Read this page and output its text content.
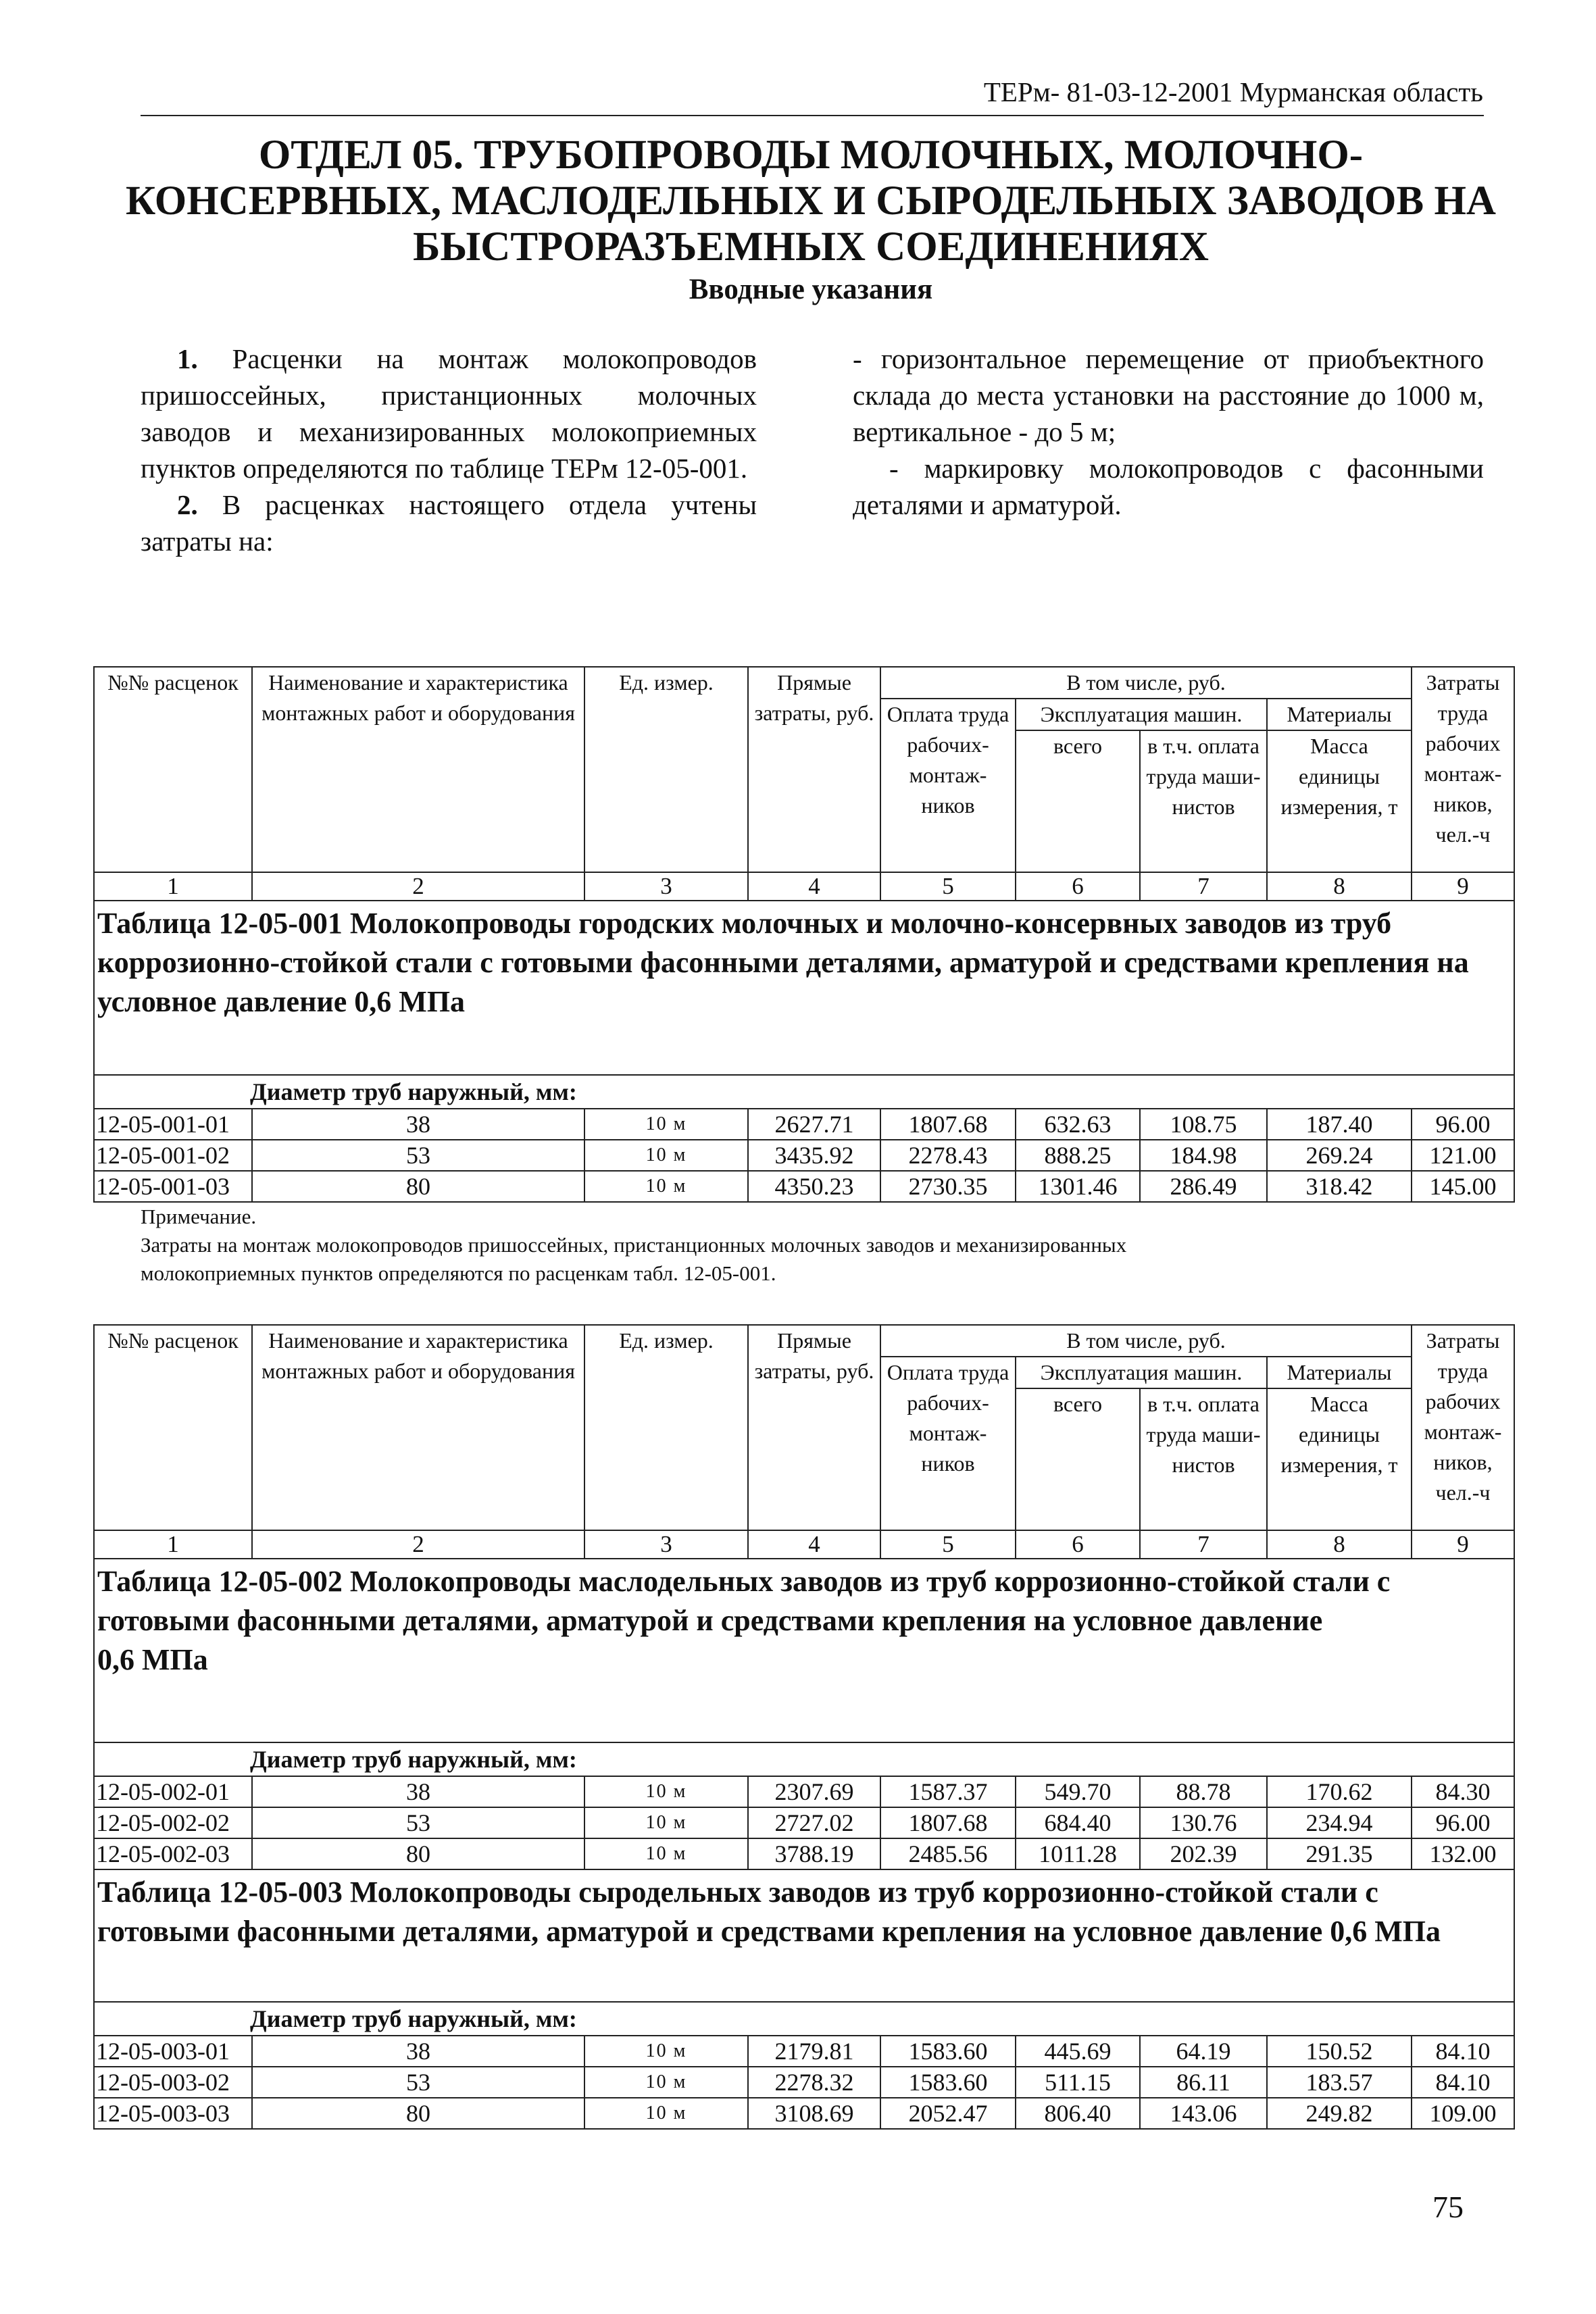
ТЕРм- 81-03-12-2001 Мурманская область
ОТДЕЛ 05. ТРУБОПРОВОДЫ МОЛОЧНЫХ, МОЛОЧНО-
КОНСЕРВНЫХ, МАСЛОДЕЛЬНЫХ И СЫРОДЕЛЬНЫХ ЗАВОДОВ НА
БЫСТРОРАЗЪЕМНЫХ СОЕДИНЕНИЯХ
Вводные указания

1. Расценки на монтаж молокопроводов пришоссейных, пристанционных молочных заводов и механизированных молокоприемных пунктов определяются по таблице ТЕРм 12-05-001.

2. В расценках настоящего отдела учтены затраты на:

- горизонтальное перемещение от приобъектного склада до места установки на расстояние до 1000 м, вертикальное - до 5 м;

- маркировку молокопроводов с фасонными деталями и арматурой.

№№ расценок	Наименование и характеристика монтажных работ и оборудования	Ед. измер.	Прямые затраты, руб.	В том числе, руб.				Затраты труда рабочих монтаж-ников, чел.-ч
				Оплата труда рабочих-монтаж-ников	Эксплуатация машин.		Материалы	
					всего	в т.ч. оплата труда маши-нистов	Масса единицы измерения, т	
1	2	3	4	5	6	7	8	9
Таблица 12-05-001 Молокопроводы городских молочных и молочно-консервных заводов из труб коррозионно-стойкой стали с готовыми фасонными деталями, арматурой и средствами крепления на условное давление 0,6 МПа								
Диаметр труб наружный, мм:								
12-05-001-01	38	10 м	2627.71	1807.68	632.63	108.75	187.40	96.00
12-05-001-02	53	10 м	3435.92	2278.43	888.25	184.98	269.24	121.00
12-05-001-03	80	10 м	4350.23	2730.35	1301.46	286.49	318.42	145.00

Примечание.

Затраты на монтаж молокопроводов пришоссейных, пристанционных молочных заводов и механизированных

молокоприемных пунктов определяются по расценкам табл. 12-05-001.

№№ расценок	Наименование и характеристика монтажных работ и оборудования	Ед. измер.	Прямые затраты, руб.	В том числе, руб.				Затраты труда рабочих монтаж-ников, чел.-ч
				Оплата труда рабочих-монтаж-ников	Эксплуатация машин.		Материалы	
					всего	в т.ч. оплата труда маши-нистов	Масса единицы измерения, т	
1	2	3	4	5	6	7	8	9

Таблица 12-05-002 Молокопроводы маслодельных заводов из труб коррозионно-стойкой стали с готовыми фасонными деталями, арматурой и средствами крепления на условное давление
0,6 МПа								

Диаметр труб наружный, мм:								
12-05-002-01	38	10 м	2307.69	1587.37	549.70	88.78	170.62	84.30
12-05-002-02	53	10 м	2727.02	1807.68	684.40	130.76	234.94	96.00
12-05-002-03	80	10 м	3788.19	2485.56	1011.28	202.39	291.35	132.00
Таблица 12-05-003 Молокопроводы сыродельных заводов из труб коррозионно-стойкой стали с готовыми фасонными деталями, арматурой и средствами крепления на условное давление 0,6 МПа								
Диаметр труб наружный, мм:								
12-05-003-01	38	10 м	2179.81	1583.60	445.69	64.19	150.52	84.10
12-05-003-02	53	10 м	2278.32	1583.60	511.15	86.11	183.57	84.10
12-05-003-03	80	10 м	3108.69	2052.47	806.40	143.06	249.82	109.00
75
